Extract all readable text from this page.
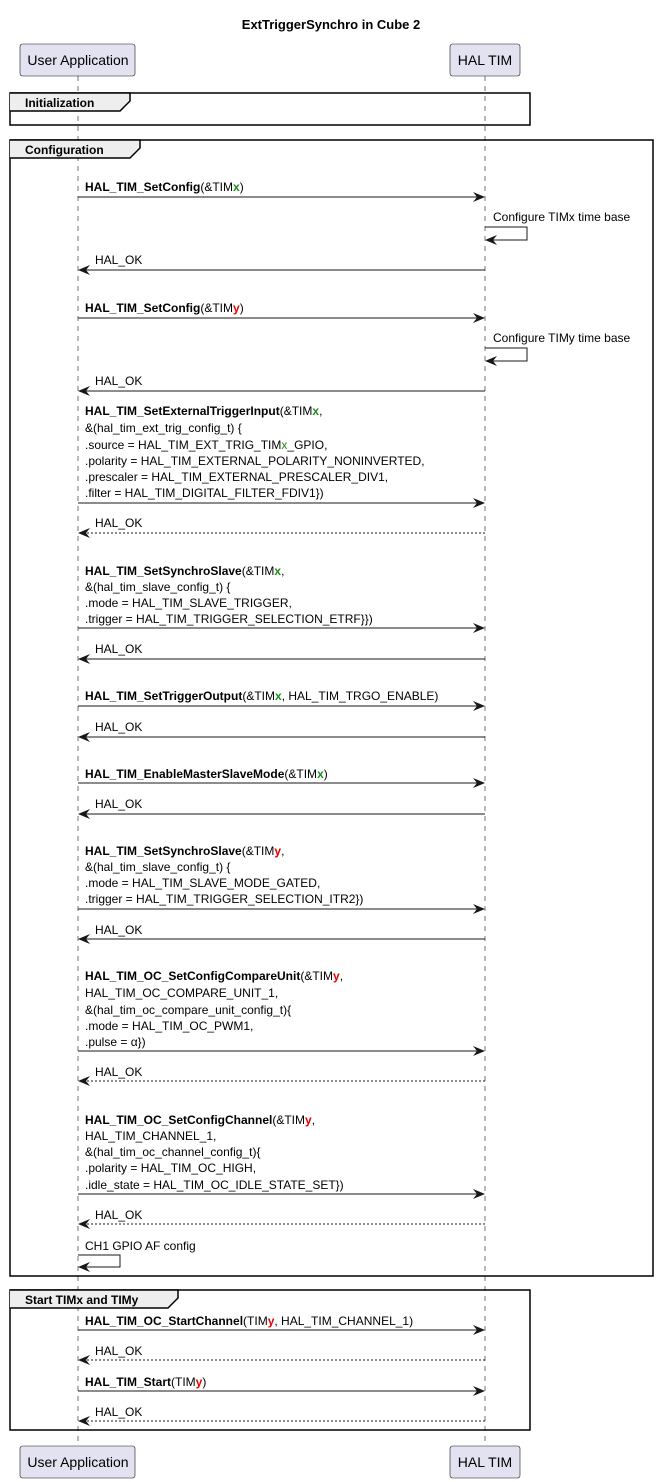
ExtTriggerSynchro in Cube 2
User Application	HAL TIM
User Application	HAL TIM
Initialization
Configuration
Start TIMx and TIMy
HAL_TIM_SetConfig(&TIMx)
Configure TIMx time base
HAL_OK
HAL_TIM_SetConfig(&TIMy)
Configure TIMy time base
HAL_OK
HAL_TIM_SetExternalTriggerInput(&TIMx, &(hal_tim_ext_trig_config_t) { .source = HAL_TIM_EXT_TRIG_TIMx_GPIO, .polarity = HAL_TIM_EXTERNAL_POLARITY_NONINVERTED, .prescaler = HAL_TIM_EXTERNAL_PRESCALER_DIV1, .filter = HAL_TIM_DIGITAL_FILTER_FDIV1})
HAL_OK
HAL_TIM_SetSynchroSlave(&TIMx, &(hal_tim_slave_config_t) { .mode = HAL_TIM_SLAVE_TRIGGER, .trigger = HAL_TIM_TRIGGER_SELECTION_ETRF}})
HAL_OK
HAL_TIM_SetTriggerOutput(&TIMx, HAL_TIM_TRGO_ENABLE)
HAL_OK
HAL_TIM_EnableMasterSlaveMode(&TIMx)
HAL_OK
HAL_TIM_SetSynchroSlave(&TIMy, &(hal_tim_slave_config_t) { .mode = HAL_TIM_SLAVE_MODE_GATED, .trigger = HAL_TIM_TRIGGER_SELECTION_ITR2})
HAL_OK
HAL_TIM_OC_SetConfigCompareUnit(&TIMy, HAL_TIM_OC_COMPARE_UNIT_1, &(hal_tim_oc_compare_unit_config_t){ .mode = HAL_TIM_OC_PWM1, .pulse = α})
HAL_OK
HAL_TIM_OC_SetConfigChannel(&TIMy, HAL_TIM_CHANNEL_1, &(hal_tim_oc_channel_config_t){ .polarity = HAL_TIM_OC_HIGH, .idle_state = HAL_TIM_OC_IDLE_STATE_SET})
HAL_OK
CH1 GPIO AF config
HAL_TIM_OC_StartChannel(TIMy, HAL_TIM_CHANNEL_1)
HAL_OK
HAL_TIM_Start(TIMy)
HAL_OK
